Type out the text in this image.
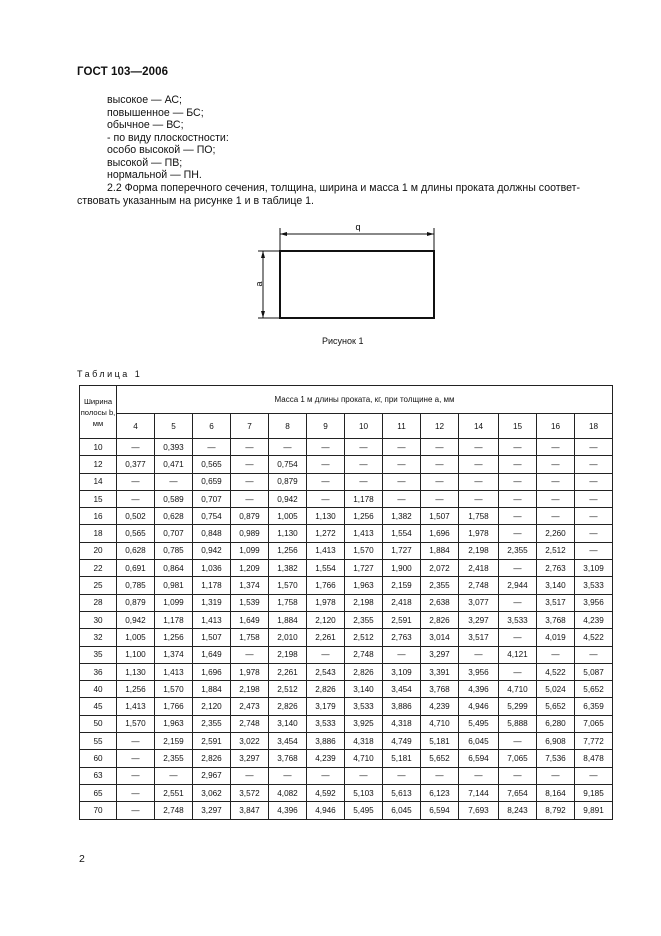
ГОСТ 103—2006
высокое — АС;
повышенное — БС;
обычное — ВС;
- по виду плоскостности:
особо высокой — ПО;
высокой — ПВ;
нормальной — ПН.
2.2 Форма поперечного сечения, толщина, ширина и масса 1 м длины проката должны соответ-
ствовать указанным на рисунке 1 и в таблице 1.
b
a
Рисунок 1
Таблица 1
Ширина полосы b, мм	Масса 1 м длины проката, кг, при толщине а, мм												
	4	5	6	7	8	9	10	11	12	14	15	16	18
10	—	0,393	—	—	—	—	—	—	—	—	—	—	—
12	0,377	0,471	0,565	—	0,754	—	—	—	—	—	—	—	—
14	—	—	0,659	—	0,879	—	—	—	—	—	—	—	—
15	—	0,589	0,707	—	0,942	—	1,178	—	—	—	—	—	—
16	0,502	0,628	0,754	0,879	1,005	1,130	1,256	1,382	1,507	1,758	—	—	—
18	0,565	0,707	0,848	0,989	1,130	1,272	1,413	1,554	1,696	1,978	—	2,260	—
20	0,628	0,785	0,942	1,099	1,256	1,413	1,570	1,727	1,884	2,198	2,355	2,512	—
22	0,691	0,864	1,036	1,209	1,382	1,554	1,727	1,900	2,072	2,418	—	2,763	3,109
25	0,785	0,981	1,178	1,374	1,570	1,766	1,963	2,159	2,355	2,748	2,944	3,140	3,533
28	0,879	1,099	1,319	1,539	1,758	1,978	2,198	2,418	2,638	3,077	—	3,517	3,956
30	0,942	1,178	1,413	1,649	1,884	2,120	2,355	2,591	2,826	3,297	3,533	3,768	4,239
32	1,005	1,256	1,507	1,758	2,010	2,261	2,512	2,763	3,014	3,517	—	4,019	4,522
35	1,100	1,374	1,649	—	2,198	—	2,748	—	3,297	—	4,121	—	—
36	1,130	1,413	1,696	1,978	2,261	2,543	2,826	3,109	3,391	3,956	—	4,522	5,087
40	1,256	1,570	1,884	2,198	2,512	2,826	3,140	3,454	3,768	4,396	4,710	5,024	5,652
45	1,413	1,766	2,120	2,473	2,826	3,179	3,533	3,886	4,239	4,946	5,299	5,652	6,359
50	1,570	1,963	2,355	2,748	3,140	3,533	3,925	4,318	4,710	5,495	5,888	6,280	7,065
55	—	2,159	2,591	3,022	3,454	3,886	4,318	4,749	5,181	6,045	—	6,908	7,772
60	—	2,355	2,826	3,297	3,768	4,239	4,710	5,181	5,652	6,594	7,065	7,536	8,478
63	—	—	2,967	—	—	—	—	—	—	—	—	—	—
65	—	2,551	3,062	3,572	4,082	4,592	5,103	5,613	6,123	7,144	7,654	8,164	9,185
70	—	2,748	3,297	3,847	4,396	4,946	5,495	6,045	6,594	7,693	8,243	8,792	9,891
2
